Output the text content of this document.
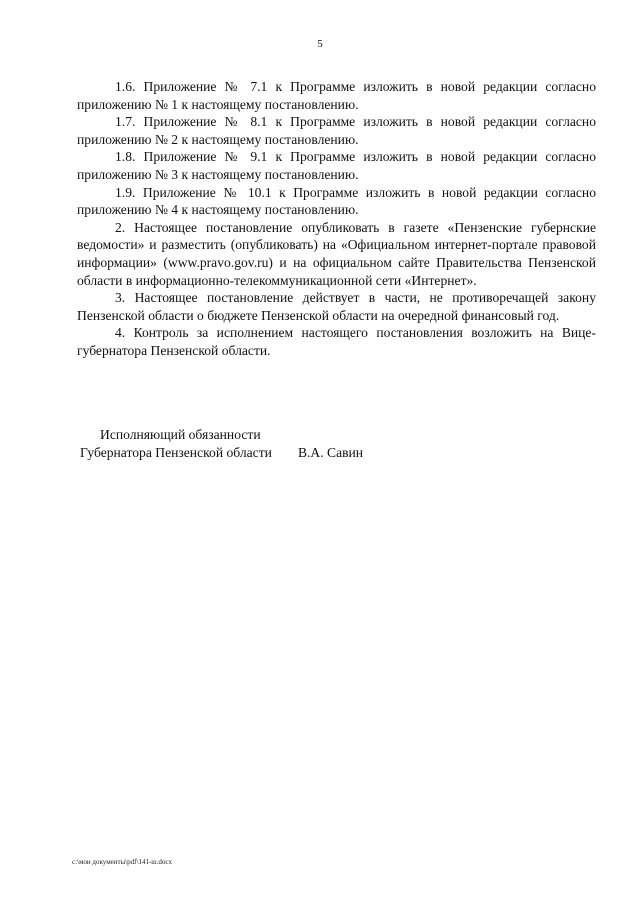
5

1.6. Приложение № 7.1 к Программе изложить в новой редакции согласно приложению № 1 к настоящему постановлению.

1.7. Приложение № 8.1 к Программе изложить в новой редакции согласно приложению № 2 к настоящему постановлению.

1.8. Приложение № 9.1 к Программе изложить в новой редакции согласно приложению № 3 к настоящему постановлению.

1.9. Приложение № 10.1 к Программе изложить в новой редакции согласно приложению № 4 к настоящему постановлению.

2. Настоящее постановление опубликовать в газете «Пензенские губернские ведомости» и разместить (опубликовать) на «Официальном интернет-портале правовой информации» (www.pravo.gov.ru) и на официальном сайте Правительства Пензенской области в информационно-телекоммуникационной сети «Интернет».

3. Настоящее постановление действует в части, не противоречащей закону Пензенской области о бюджете Пензенской области на очередной финансовый год.

4. Контроль за исполнением настоящего постановления возложить на Вице-губернатора Пензенской области.

Исполняющий обязанности
Губернатора Пензенской области В.А. Савин
c:\мои документы\pdf\141-ш.docx
